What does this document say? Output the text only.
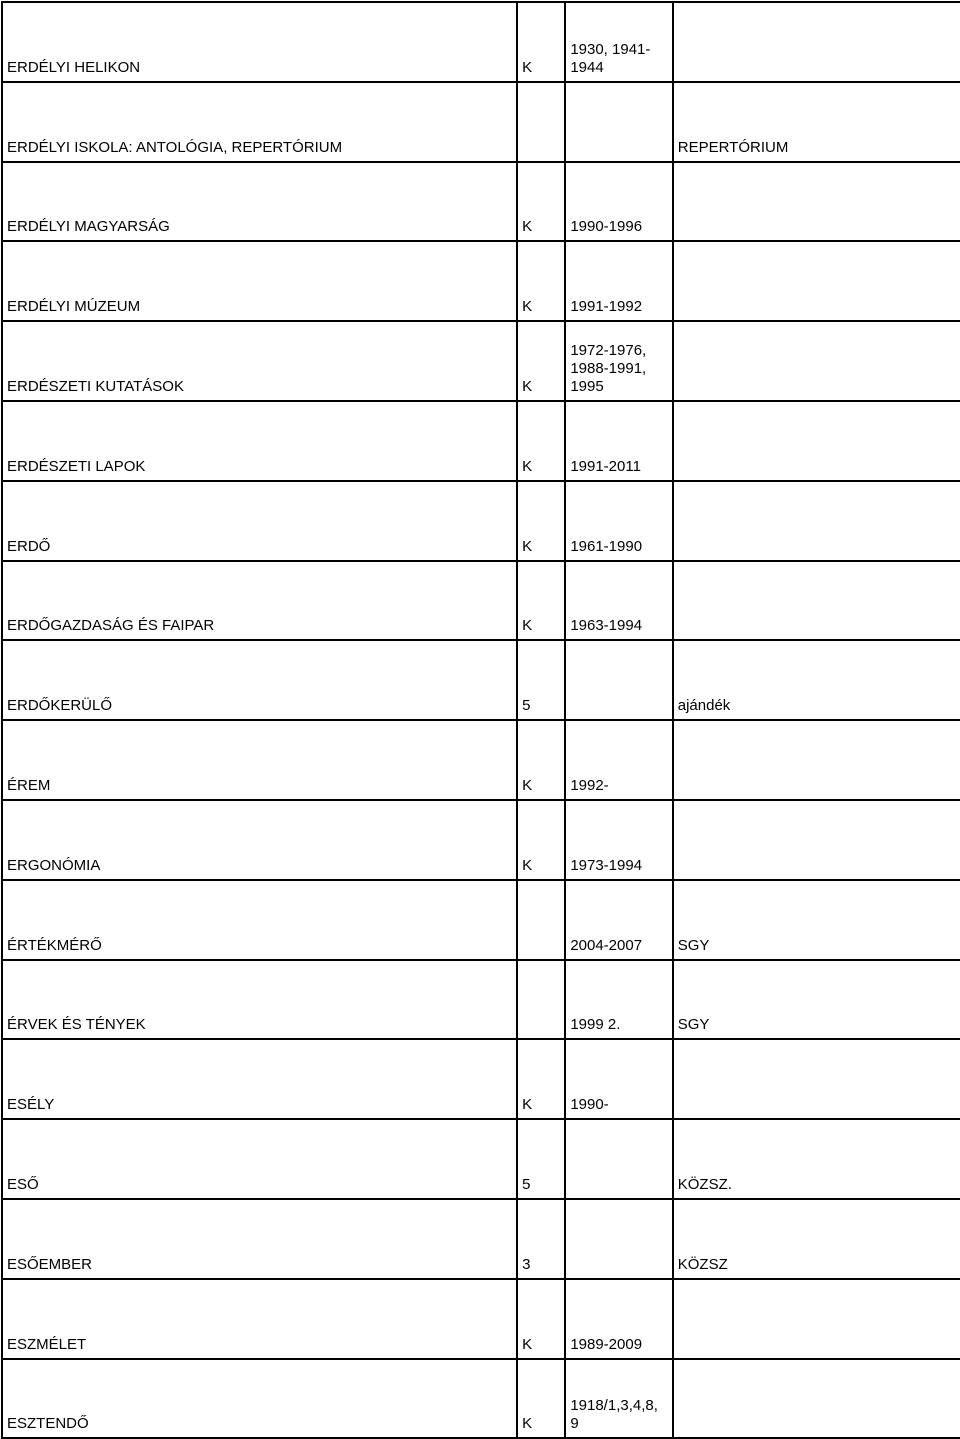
ERDÉLYI HELIKON	K	1930, 1941-
1944	

ERDÉLYI ISKOLA: ANTOLÓGIA, REPERTÓRIUM			REPERTÓRIUM
ERDÉLYI MAGYARSÁG	K	1990-1996	
ERDÉLYI MÚZEUM	K	1991-1992	
ERDÉSZETI KUTATÁSOK	K	1972-1976,
1988-1991,
1995	

ERDÉSZETI LAPOK	K	1991-2011	
ERDŐ	K	1961-1990	
ERDŐGAZDASÁG ÉS FAIPAR	K	1963-1994	
ERDŐKERÜLŐ	5		ajándék
ÉREM	K	1992-	
ERGONÓMIA	K	1973-1994	
ÉRTÉKMÉRŐ		2004-2007	SGY
ÉRVEK ÉS TÉNYEK		1999 2.	SGY
ESÉLY	K	1990-	
ESŐ	5		KÖZSZ.
ESŐEMBER	3		KÖZSZ
ESZMÉLET	K	1989-2009	
ESZTENDŐ	K	1918/1,3,4,8,
9	
